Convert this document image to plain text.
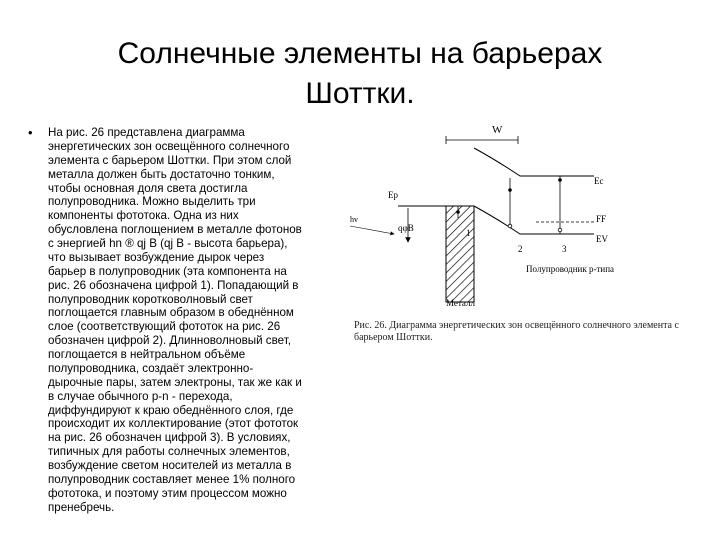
Солнечные элементы на барьерах
Шоттки.
• На рис. 26 представлена диаграмма
энергетических зон освещённого солнечного
элемента с барьером Шоттки. При этом слой
металла должен быть достаточно тонким,
чтобы основная доля света достигла
полупроводника. Можно выделить три
компоненты фототока. Одна из них
обусловлена поглощением в металле фотонов
с энергией hn ® qj B (qj B - высота барьера),
что вызывает возбуждение дырок через
барьер в полупроводник (эта компонента на
рис. 26 обозначена цифрой 1). Попадающий в
полупроводник коротковолновый свет
поглощается главным образом в обеднённом
слое (соответствующий фототок на рис. 26
обозначен цифрой 2). Длинноволновый свет,
поглощается в нейтральном объёме
полупроводника, создаёт электронно-
дырочные пары, затем электроны, так же как и
в случае обычного p-n - перехода,
диффундируют к краю обеднённого слоя, где
происходит их коллектирование (этот фототок
на рис. 26 обозначен цифрой 3). В условиях,
типичных для работы солнечных элементов,
возбуждение светом носителей из металла в
полупроводник составляет менее 1% полного
фототока, и поэтому этим процессом можно
пренебречь.
W
Eр
qφB
hv
Ec
FF
EV
1
2	3
Полупроводник p-типа
Металл
Рис. 26. Диаграмма энергетических зон освещённого солнечного элемента с
барьером Шоттки.
